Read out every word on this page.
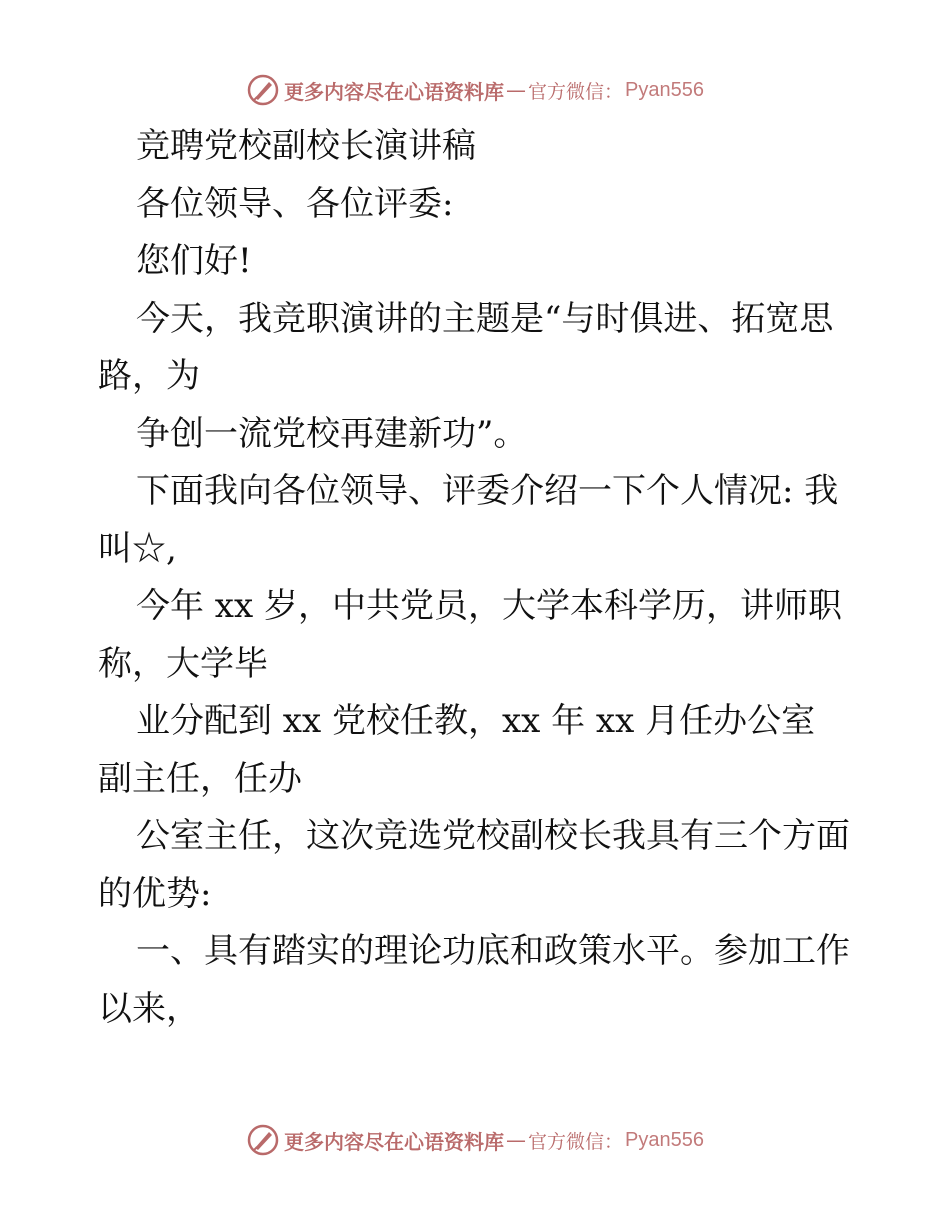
更多内容尽在心语资料库 — 官方微信： Pyan556
竞聘党校副校长演讲稿
各位领导、各位评委:
您们好!
今天，我竞职演讲的主题是“与时俱进、拓宽思
路，为
争创一流党校再建新功”。
下面我向各位领导、评委介绍一下个人情况: 我
叫☆,
今年 xx 岁，中共党员，大学本科学历，讲师职
称，大学毕
业分配到 xx 党校任教，xx 年 xx 月任办公室
副主任，任办
公室主任，这次竞选党校副校长我具有三个方面
的优势:
一、具有踏实的理论功底和政策水平。参加工作
以来，
更多内容尽在心语资料库 — 官方微信： Pyan556
